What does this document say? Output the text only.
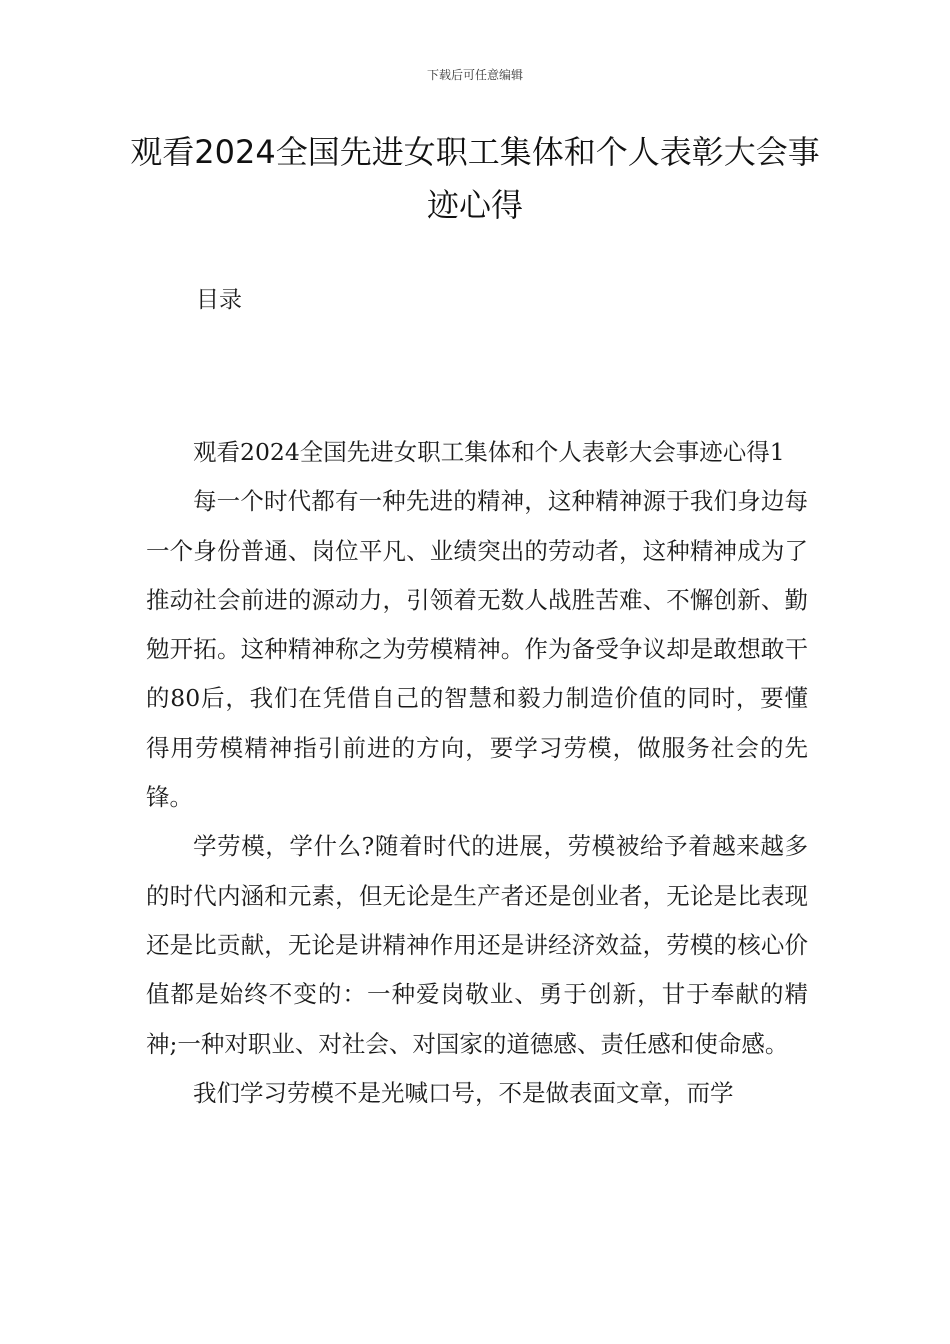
下载后可任意编辑
观看2024全国先进女职工集体和个人表彰大会事迹心得
目录

观看2024全国先进女职工集体和个人表彰大会事迹心得1

每一个时代都有一种先进的精神，这种精神源于我们身边每一个身份普通、岗位平凡、业绩突出的劳动者，这种精神成为了推动社会前进的源动力，引领着无数人战胜苦难、不懈创新、勤勉开拓。这种精神称之为劳模精神。作为备受争议却是敢想敢干的80后，我们在凭借自己的智慧和毅力制造价值的同时，要懂得用劳模精神指引前进的方向，要学习劳模，做服务社会的先锋。

学劳模，学什么?随着时代的进展，劳模被给予着越来越多的时代内涵和元素，但无论是生产者还是创业者，无论是比表现还是比贡献，无论是讲精神作用还是讲经济效益，劳模的核心价值都是始终不变的：一种爱岗敬业、勇于创新，甘于奉献的精神;一种对职业、对社会、对国家的道德感、责任感和使命感。

我们学习劳模不是光喊口号，不是做表面文章，而学
